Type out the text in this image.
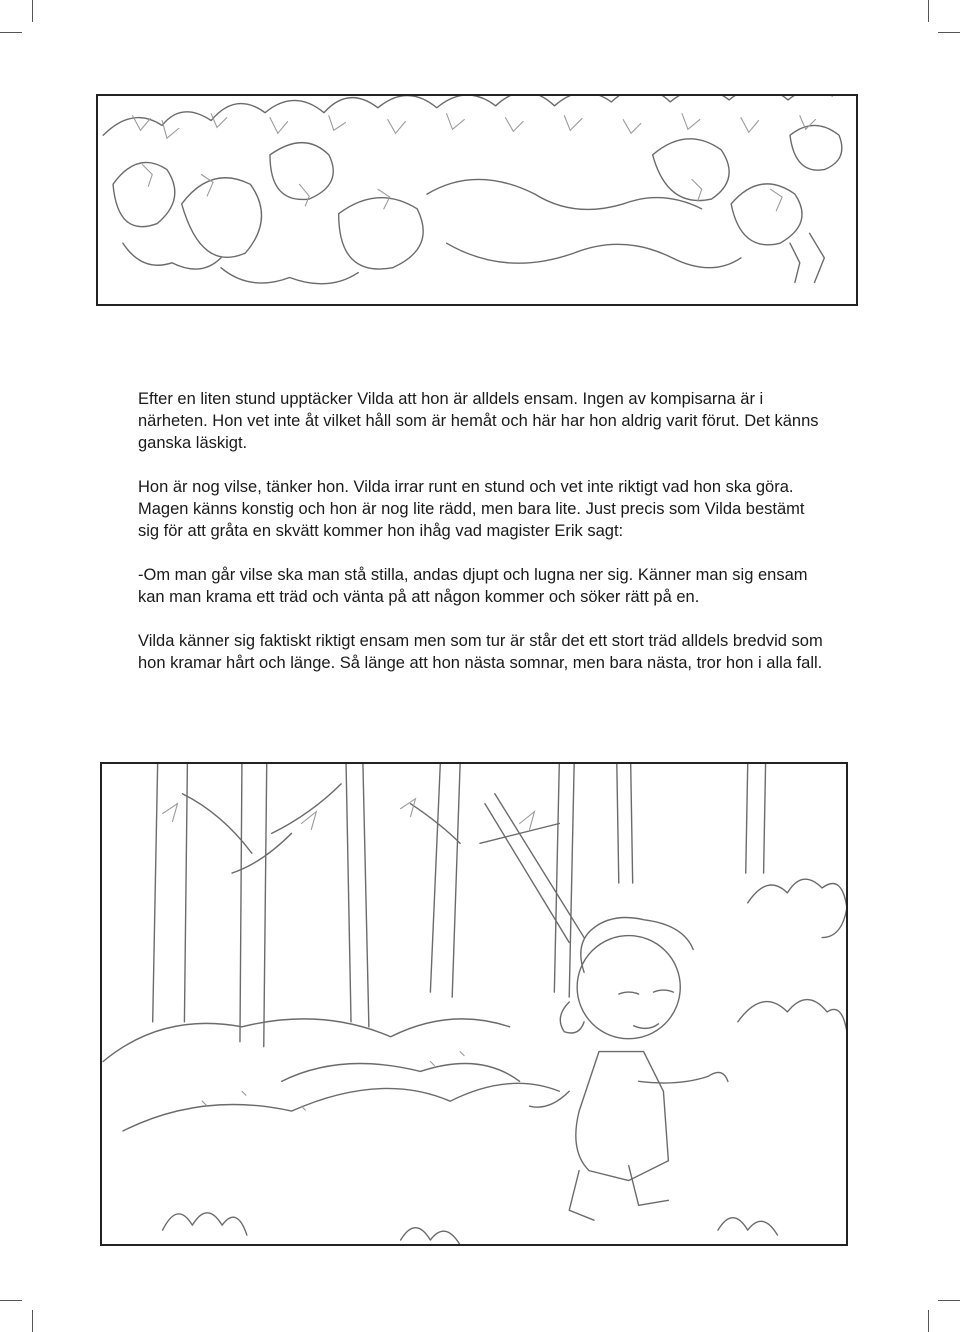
Efter en liten stund upptäcker Vilda att hon är alldels ensam. Ingen av kompisarna är i närheten. Hon vet inte åt vilket håll som är hemåt och här har hon aldrig varit förut. Det känns ganska läskigt.

Hon är nog vilse, tänker hon. Vilda irrar runt en stund och vet inte riktigt vad hon ska göra. Magen känns konstig och hon är nog lite rädd, men bara lite. Just precis som Vilda bestämt sig för att gråta en skvätt kommer hon ihåg vad magister Erik sagt:

-Om man går vilse ska man stå stilla, andas djupt och lugna ner sig. Känner man sig ensam kan man krama ett träd och vänta på att någon kommer och söker rätt på en.

Vilda känner sig faktiskt riktigt ensam men som tur är står det ett stort träd alldels bredvid som hon kramar hårt och länge. Så länge att hon nästa somnar, men bara nästa, tror hon i alla fall.
